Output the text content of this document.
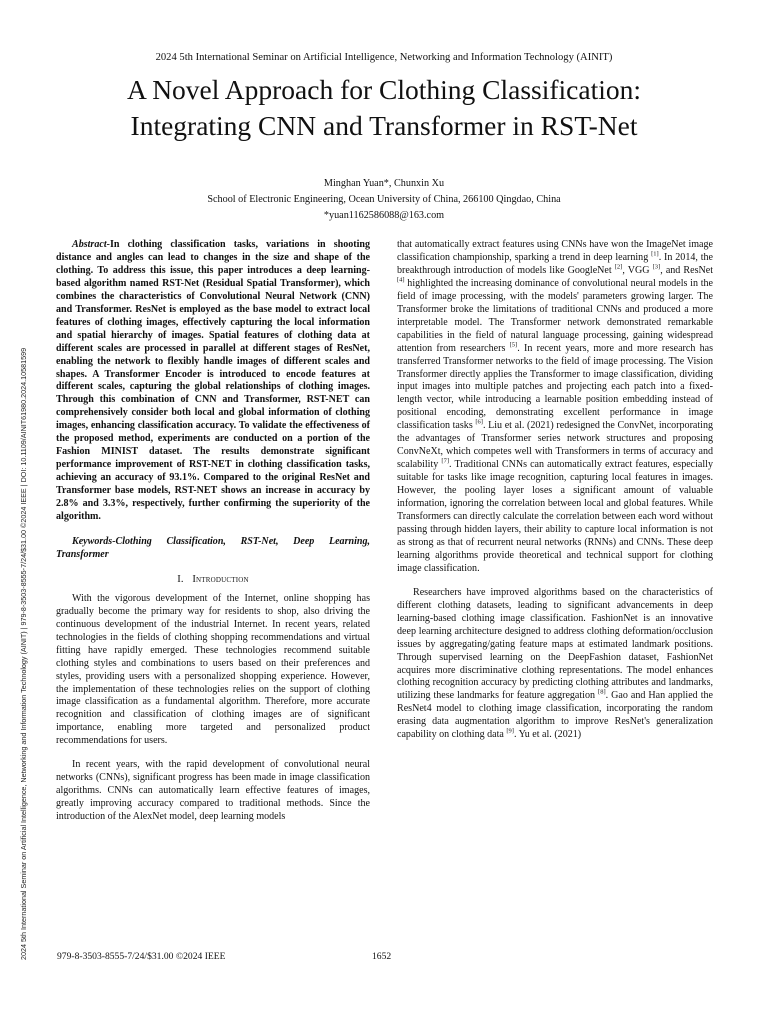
2024 5th International Seminar on Artificial Intelligence, Networking and Information Technology (AINIT) | 979-8-3503-8555-7/24/$31.00 ©2024 IEEE | DOI: 10.1109/AINIT61980.2024.10581599
2024 5th International Seminar on Artificial Intelligence, Networking and Information Technology (AINIT)
A Novel Approach for Clothing Classification:
Integrating CNN and Transformer in RST-Net
Minghan Yuan*, Chunxin Xu
School of Electronic Engineering, Ocean University of China, 266100 Qingdao, China
*yuan1162586088@163.com

Abstract-In clothing classification tasks, variations in shooting distance and angles can lead to changes in the size and shape of the clothing. To address this issue, this paper introduces a deep learning-based algorithm named RST-Net (Residual Spatial Transformer), which combines the characteristics of Convolutional Neural Network (CNN) and Transformer. ResNet is employed as the base model to extract local features of clothing images, effectively capturing the local information and spatial hierarchy of images. Spatial features of clothing data at different scales are processed in parallel at different stages of ResNet, enabling the network to flexibly handle images of different scales and shapes. A Transformer Encoder is introduced to encode features at different scales, capturing the global relationships of clothing images. Through this combination of CNN and Transformer, RST-NET can comprehensively consider both local and global information of clothing images, enhancing classification accuracy. To validate the effectiveness of the proposed method, experiments are conducted on a portion of the Fashion MINIST dataset. The results demonstrate significant performance improvement of RST-NET in clothing classification tasks, achieving an accuracy of 93.1%. Compared to the original ResNet and Transformer base models, RST-NET shows an increase in accuracy by 2.8% and 3.3%, respectively, further confirming the superiority of the algorithm.

Keywords-Clothing Classification, RST-Net, Deep Learning, Transformer

I. Introduction

With the vigorous development of the Internet, online shopping has gradually become the primary way for residents to shop, also driving the continuous development of the industrial Internet. In recent years, related technologies in the fields of clothing shopping recommendations and virtual fitting have rapidly emerged. These technologies recommend suitable clothing styles and combinations to users based on their preferences and styles, providing users with a personalized shopping experience. However, the implementation of these technologies relies on the support of clothing image classification as a fundamental algorithm. Therefore, more accurate recognition and classification of clothing images are of significant importance, enabling more targeted and personalized product recommendations for users.

In recent years, with the rapid development of convolutional neural networks (CNNs), significant progress has been made in image classification algorithms. CNNs can automatically learn effective features of images, greatly improving accuracy compared to traditional methods. Since the introduction of the AlexNet model, deep learning models

that automatically extract features using CNNs have won the ImageNet image classification championship, sparking a trend in deep learning [1]. In 2014, the breakthrough introduction of models like GoogleNet [2], VGG [3], and ResNet [4] highlighted the increasing dominance of convolutional neural models in the field of image processing, with the models' parameters growing larger. The Transformer broke the limitations of traditional CNNs and produced a more interpretable model. The Transformer network demonstrated remarkable capabilities in the field of natural language processing, gaining widespread attention from researchers [5]. In recent years, more and more research has transferred Transformer networks to the field of image processing. The Vision Transformer directly applies the Transformer to image classification, dividing input images into multiple patches and projecting each patch into a fixed-length vector, while introducing a learnable position embedding instead of positional encoding, demonstrating excellent performance in image classification tasks [6]. Liu et al. (2021) redesigned the ConvNet, incorporating the advantages of Transformer series network structures and proposing ConvNeXt, which competes well with Transformers in terms of accuracy and scalability [7]. Traditional CNNs can automatically extract features, especially suitable for tasks like image recognition, capturing local features in images. However, the pooling layer loses a significant amount of valuable information, ignoring the correlation between local and global features. While Transformers can directly calculate the correlation between each word without passing through hidden layers, their ability to capture local information is not as strong as that of recurrent neural networks (RNNs) and CNNs. These deep learning algorithms provide theoretical and technical support for clothing image classification.

Researchers have improved algorithms based on the characteristics of different clothing datasets, leading to significant advancements in deep learning-based clothing image classification. FashionNet is an innovative deep learning architecture designed to address clothing deformation/occlusion issues by aggregating/gating feature maps at estimated landmark positions. Through supervised learning on the DeepFashion dataset, FashionNet acquires more discriminative clothing representations. The model enhances clothing recognition accuracy by predicting clothing attributes and landmarks, utilizing these landmarks for feature aggregation [8]. Gao and Han applied the ResNet4 model to clothing image classification, incorporating the random erasing data augmentation algorithm to improve ResNet's generalization capability on clothing data [9]. Yu et al. (2021)

979-8-3503-8555-7/24/$31.00 ©2024 IEEE	1652
